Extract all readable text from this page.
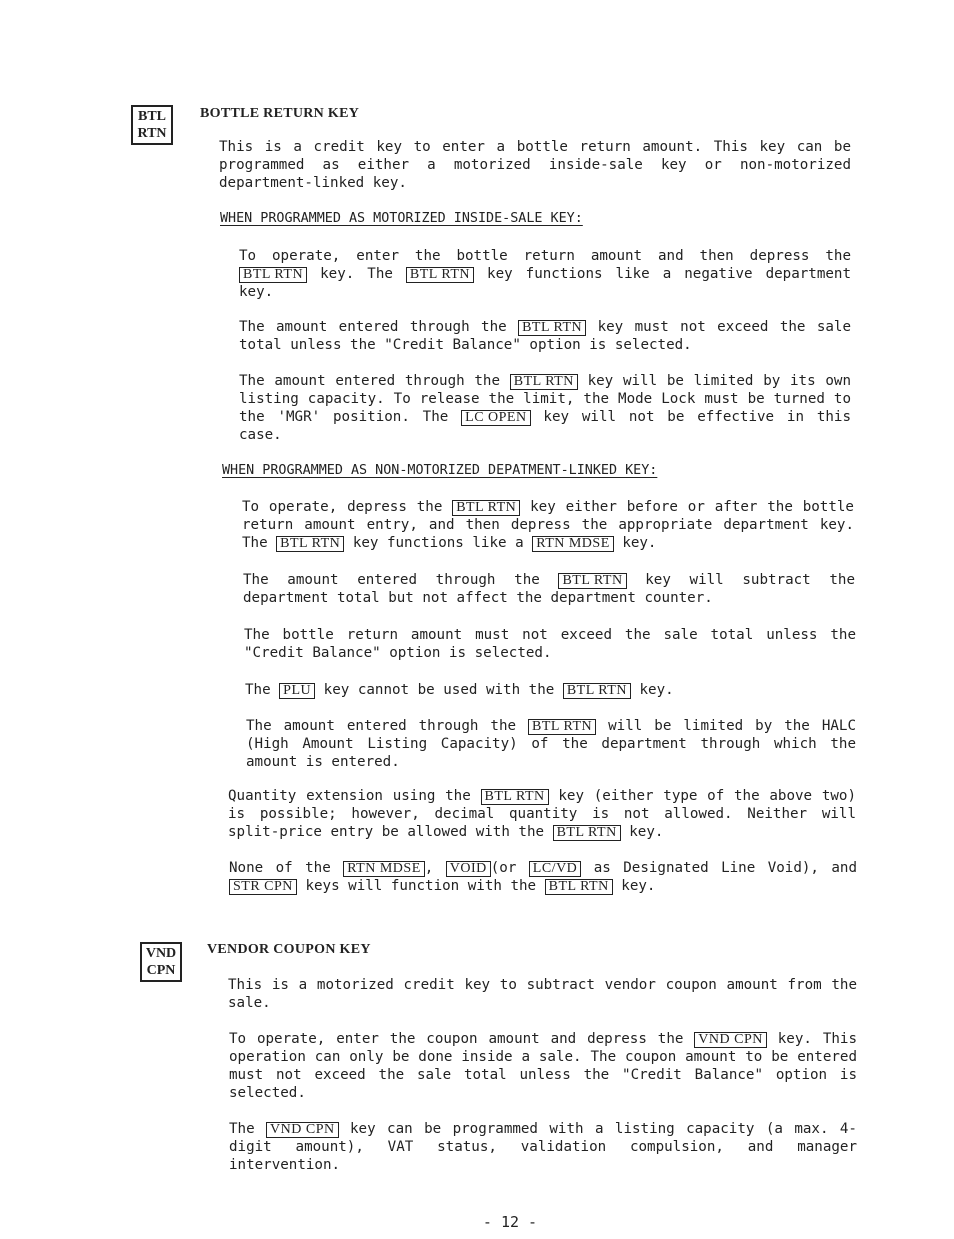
BTL
RTN
BOTTLE RETURN KEY

This is a credit key to enter a bottle return amount. This key can be programmed as either a motorized inside-sale key or non-motorized department-linked key.

WHEN PROGRAMMED AS MOTORIZED INSIDE-SALE KEY:

To operate, enter the bottle return amount and then depress the BTL RTN key. The BTL RTN key functions like a negative department key.

The amount entered through the BTL RTN key must not exceed the sale total unless the "Credit Balance" option is selected.

The amount entered through the BTL RTN key will be limited by its own listing capacity. To release the limit, the Mode Lock must be turned to the 'MGR' position. The LC OPEN key will not be effective in this case.

WHEN PROGRAMMED AS NON-MOTORIZED DEPATMENT-LINKED KEY:

To operate, depress the BTL RTN key either before or after the bottle return amount entry, and then depress the appropriate department key. The BTL RTN key functions like a RTN MDSE key.

The amount entered through the BTL RTN key will subtract the department total but not affect the department counter.

The bottle return amount must not exceed the sale total unless the "Credit Balance" option is selected.

The PLU key cannot be used with the BTL RTN key.

The amount entered through the BTL RTN will be limited by the HALC (High Amount Listing Capacity) of the department through which the amount is entered.

Quantity extension using the BTL RTN key (either type of the above two) is possible; however, decimal quantity is not allowed. Neither will split-price entry be allowed with the BTL RTN key.

None of the RTN MDSE , VOID (or LC/VD as Designated Line Void), and STR CPN keys will function with the BTL RTN key.

VND
CPN
VENDOR COUPON KEY

This is a motorized credit key to subtract vendor coupon amount from the sale.

To operate, enter the coupon amount and depress the VND CPN key. This operation can only be done inside a sale. The coupon amount to be entered must not exceed the sale total unless the "Credit Balance" option is selected.

The VND CPN key can be programmed with a listing capacity (a max. 4-digit amount), VAT status, validation compulsion, and manager intervention.

- 12 -
